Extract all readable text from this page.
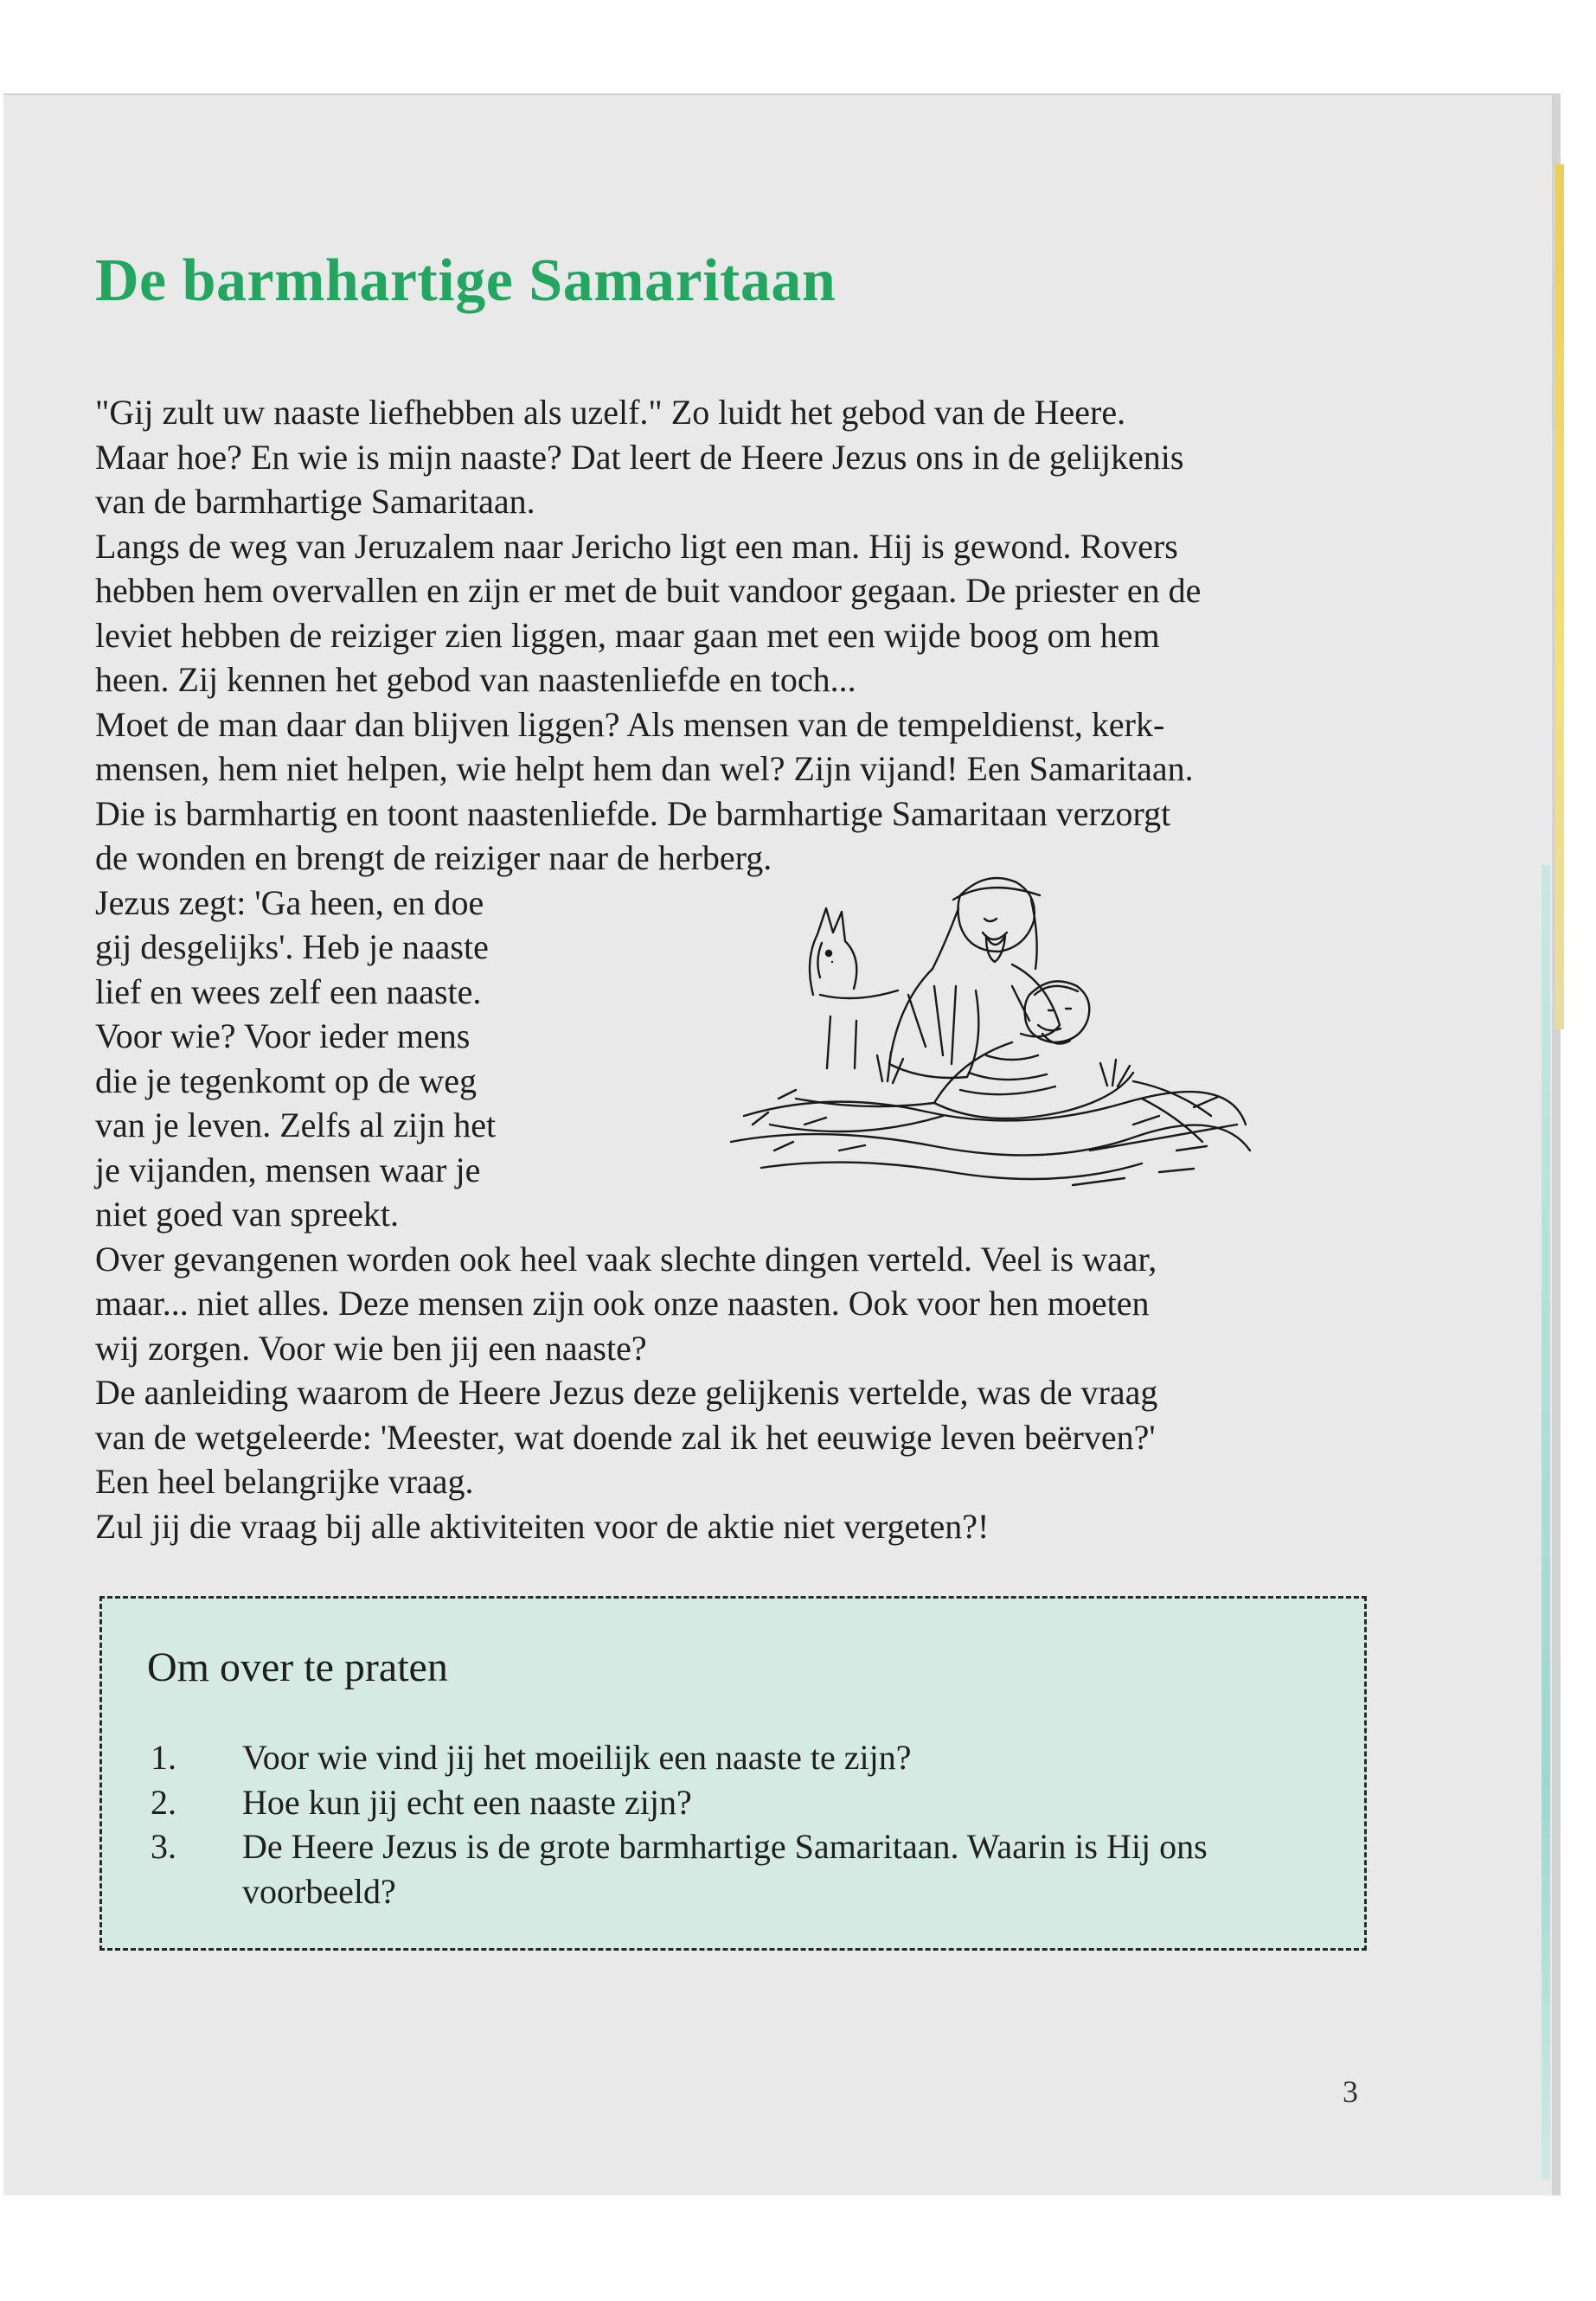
De barmhartige Samaritaan

"Gij zult uw naaste liefhebben als uzelf." Zo luidt het gebod van de Heere.
Maar hoe? En wie is mijn naaste? Dat leert de Heere Jezus ons in de gelijkenis
van de barmhartige Samaritaan.

Langs de weg van Jeruzalem naar Jericho ligt een man. Hij is gewond. Rovers
hebben hem overvallen en zijn er met de buit vandoor gegaan. De priester en de
leviet hebben de reiziger zien liggen, maar gaan met een wijde boog om hem
heen. Zij kennen het gebod van naastenliefde en toch...

Moet de man daar dan blijven liggen? Als mensen van de tempeldienst, kerk-
mensen, hem niet helpen, wie helpt hem dan wel? Zijn vijand! Een Samaritaan.
Die is barmhartig en toont naastenliefde. De barmhartige Samaritaan verzorgt
de wonden en brengt de reiziger naar de herberg.

Jezus zegt: 'Ga heen, en doe
gij desgelijks'. Heb je naaste
lief en wees zelf een naaste.
Voor wie? Voor ieder mens
die je tegenkomt op de weg
van je leven. Zelfs al zijn het
je vijanden, mensen waar je
niet goed van spreekt.

Over gevangenen worden ook heel vaak slechte dingen verteld. Veel is waar,
maar... niet alles. Deze mensen zijn ook onze naasten. Ook voor hen moeten
wij zorgen. Voor wie ben jij een naaste?

De aanleiding waarom de Heere Jezus deze gelijkenis vertelde, was de vraag
van de wetgeleerde: 'Meester, wat doende zal ik het eeuwige leven beërven?'
Een heel belangrijke vraag.

Zul jij die vraag bij alle aktiviteiten voor de aktie niet vergeten?!

Om over te praten
1.	Voor wie vind jij het moeilijk een naaste te zijn?
2.	Hoe kun jij echt een naaste zijn?
3.	De Heere Jezus is de grote barmhartige Samaritaan. Waarin is Hij ons voorbeeld?
3
